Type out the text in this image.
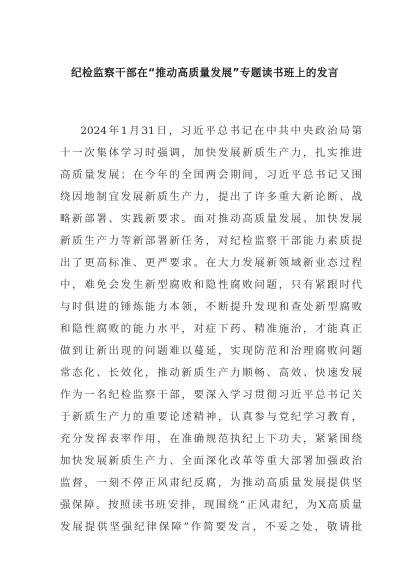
纪检监察干部在“推动高质量发展”专题读书班上的发言
2024年1月31日，习近平总书记在中共中央政治局第
十一次集体学习时强调，加快发展新质生产力，扎实推进
高质量发展；在今年的全国两会期间，习近平总书记又围
绕因地制宜发展新质生产力，提出了许多重大新论断、战
略新部署、实践新要求。面对推动高质量发展、加快发展
新质生产力等新部署新任务，对纪检监察干部能力素质提
出了更高标准、更严要求。在大力发展新领域新业态过程
中，难免会发生新型腐败和隐性腐败问题，只有紧跟时代
与时俱进的锤炼能力本领，不断提升发现和查处新型腐败
和隐性腐败的能力水平，对症下药、精准施治，才能真正
做到让新出现的问题难以蔓延，实现防范和治理腐败问题
常态化、长效化，推动新质生产力顺畅、高效、快速发展
作为一名纪检监察干部，要深入学习贯彻习近平总书记关
于新质生产力的重要论述精神，认真参与党纪学习教育，
充分发挥表率作用，在准确规范执纪上下功夫，紧紧围绕
加快发展新质生产力、全面深化改革等重大部署加强政治
监督，一刻不停正风肃纪反腐，为推动高质量发展提供坚
强保障。按照读书班安排，现围绕“正风肃纪，为X高质量
发展提供坚强纪律保障”作简要发言，不妥之处，敬请批
